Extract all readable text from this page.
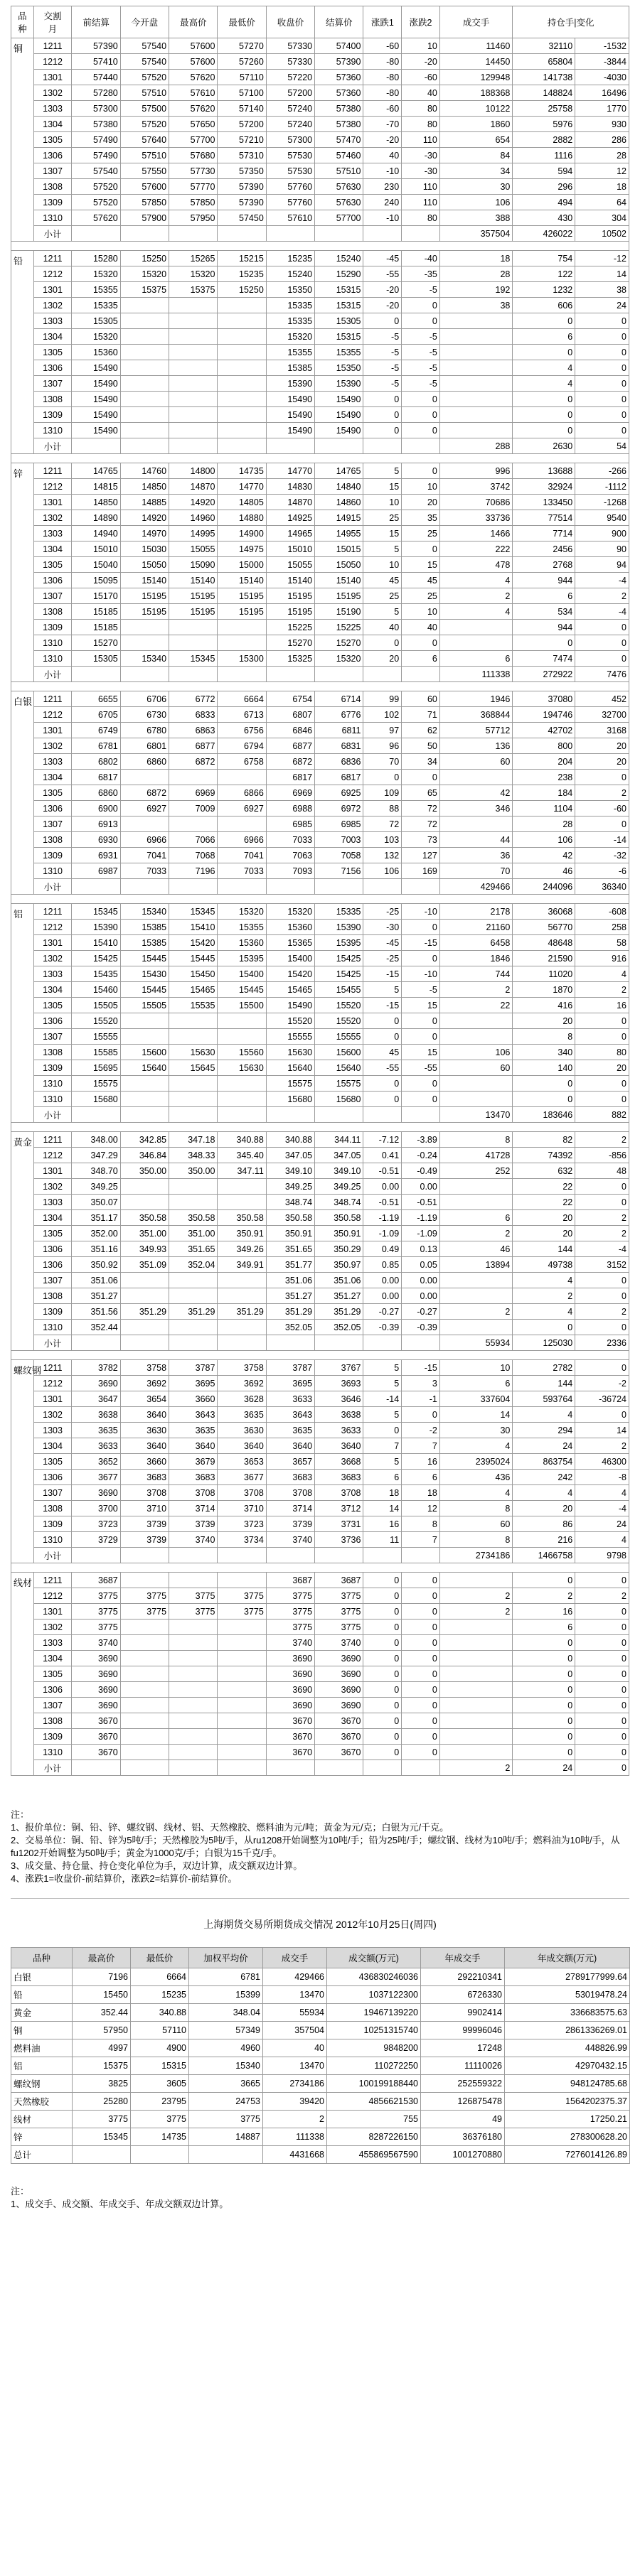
品
种	交割
月	前结算	今开盘	最高价	最低价	收盘价	结算价	涨跌1	涨跌2	成交手	持仓手|变化	
铜	1211	57390	57540	57600	57270	57330	57400	-60	10	11460	32110	-1532
	1212	57410	57540	57600	57260	57330	57390	-80	-20	14450	65804	-3844
	1301	57440	57520	57620	57110	57220	57360	-80	-60	129948	141738	-4030
	1302	57280	57510	57610	57100	57200	57360	-80	40	188368	148824	16496
	1303	57300	57500	57620	57140	57240	57380	-60	80	10122	25758	1770
	1304	57380	57520	57650	57200	57240	57380	-70	80	1860	5976	930
	1305	57490	57640	57700	57210	57300	57470	-20	110	654	2882	286
	1306	57490	57510	57680	57310	57530	57460	40	-30	84	1116	28
	1307	57540	57550	57730	57350	57530	57510	-10	-30	34	594	12
	1308	57520	57600	57770	57390	57760	57630	230	110	30	296	18
	1309	57520	57850	57850	57390	57760	57630	240	110	106	494	64
	1310	57620	57900	57950	57450	57610	57700	-10	80	388	430	304
	小计									357504	426022	10502

铅	1211	15280	15250	15265	15215	15235	15240	-45	-40	18	754	-12
	1212	15320	15320	15320	15235	15240	15290	-55	-35	28	122	14
	1301	15355	15375	15375	15250	15350	15315	-20	-5	192	1232	38
	1302	15335				15335	15315	-20	0	38	606	24
	1303	15305				15335	15305	0	0		0	0
	1304	15320				15320	15315	-5	-5		6	0
	1305	15360				15355	15355	-5	-5		0	0
	1306	15490				15385	15350	-5	-5		4	0
	1307	15490				15390	15390	-5	-5		4	0
	1308	15490				15490	15490	0	0		0	0
	1309	15490				15490	15490	0	0		0	0
	1310	15490				15490	15490	0	0		0	0
	小计									288	2630	54

锌	1211	14765	14760	14800	14735	14770	14765	5	0	996	13688	-266
	1212	14815	14850	14870	14770	14830	14840	15	10	3742	32924	-1112
	1301	14850	14885	14920	14805	14870	14860	10	20	70686	133450	-1268
	1302	14890	14920	14960	14880	14925	14915	25	35	33736	77514	9540
	1303	14940	14970	14995	14900	14965	14955	15	25	1466	7714	900
	1304	15010	15030	15055	14975	15010	15015	5	0	222	2456	90
	1305	15040	15050	15090	15000	15055	15050	10	15	478	2768	94
	1306	15095	15140	15140	15140	15140	15140	45	45	4	944	-4
	1307	15170	15195	15195	15195	15195	15195	25	25	2	6	2
	1308	15185	15195	15195	15195	15195	15190	5	10	4	534	-4
	1309	15185				15225	15225	40	40		944	0
	1310	15270				15270	15270	0	0		0	0
	1310	15305	15340	15345	15300	15325	15320	20	6	6	7474	0
	小计									111338	272922	7476

白银	1211	6655	6706	6772	6664	6754	6714	99	60	1946	37080	452
	1212	6705	6730	6833	6713	6807	6776	102	71	368844	194746	32700
	1301	6749	6780	6863	6756	6846	6811	97	62	57712	42702	3168
	1302	6781	6801	6877	6794	6877	6831	96	50	136	800	20
	1303	6802	6860	6872	6758	6872	6836	70	34	60	204	20
	1304	6817				6817	6817	0	0		238	0
	1305	6860	6872	6969	6866	6969	6925	109	65	42	184	2
	1306	6900	6927	7009	6927	6988	6972	88	72	346	1104	-60
	1307	6913				6985	6985	72	72		28	0
	1308	6930	6966	7066	6966	7033	7003	103	73	44	106	-14
	1309	6931	7041	7068	7041	7063	7058	132	127	36	42	-32
	1310	6987	7033	7196	7033	7093	7156	106	169	70	46	-6
	小计									429466	244096	36340

铝	1211	15345	15340	15345	15320	15320	15335	-25	-10	2178	36068	-608
	1212	15390	15385	15410	15355	15360	15390	-30	0	21160	56770	258
	1301	15410	15385	15420	15360	15365	15395	-45	-15	6458	48648	58
	1302	15425	15445	15445	15395	15400	15425	-25	0	1846	21590	916
	1303	15435	15430	15450	15400	15420	15425	-15	-10	744	11020	4
	1304	15460	15445	15465	15445	15465	15455	5	-5	2	1870	2
	1305	15505	15505	15535	15500	15490	15520	-15	15	22	416	16
	1306	15520				15520	15520	0	0		20	0
	1307	15555				15555	15555	0	0		8	0
	1308	15585	15600	15630	15560	15630	15600	45	15	106	340	80
	1309	15695	15640	15645	15630	15640	15640	-55	-55	60	140	20
	1310	15575				15575	15575	0	0		0	0
	1310	15680				15680	15680	0	0		0	0
	小计									13470	183646	882

黄金	1211	348.00	342.85	347.18	340.88	340.88	344.11	-7.12	-3.89	8	82	2
	1212	347.29	346.84	348.33	345.40	347.05	347.05	0.41	-0.24	41728	74392	-856
	1301	348.70	350.00	350.00	347.11	349.10	349.10	-0.51	-0.49	252	632	48
	1302	349.25				349.25	349.25	0.00	0.00		22	0
	1303	350.07				348.74	348.74	-0.51	-0.51		22	0
	1304	351.17	350.58	350.58	350.58	350.58	350.58	-1.19	-1.19	6	20	2
	1305	352.00	351.00	351.00	350.91	350.91	350.91	-1.09	-1.09	2	20	2
	1306	351.16	349.93	351.65	349.26	351.65	350.29	0.49	0.13	46	144	-4
	1306	350.92	351.09	352.04	349.91	351.77	350.97	0.85	0.05	13894	49738	3152
	1307	351.06				351.06	351.06	0.00	0.00		4	0
	1308	351.27				351.27	351.27	0.00	0.00		2	0
	1309	351.56	351.29	351.29	351.29	351.29	351.29	-0.27	-0.27	2	4	2
	1310	352.44				352.05	352.05	-0.39	-0.39		0	0
	小计									55934	125030	2336

螺纹钢	1211	3782	3758	3787	3758	3787	3767	5	-15	10	2782	0
	1212	3690	3692	3695	3692	3695	3693	5	3	6	144	-2
	1301	3647	3654	3660	3628	3633	3646	-14	-1	337604	593764	-36724
	1302	3638	3640	3643	3635	3643	3638	5	0	14	4	0
	1303	3635	3630	3635	3630	3635	3633	0	-2	30	294	14
	1304	3633	3640	3640	3640	3640	3640	7	7	4	24	2
	1305	3652	3660	3679	3653	3657	3668	5	16	2395024	863754	46300
	1306	3677	3683	3683	3677	3683	3683	6	6	436	242	-8
	1307	3690	3708	3708	3708	3708	3708	18	18	4	4	4
	1308	3700	3710	3714	3710	3714	3712	14	12	8	20	-4
	1309	3723	3739	3739	3723	3739	3731	16	8	60	86	24
	1310	3729	3739	3740	3734	3740	3736	11	7	8	216	4
	小计									2734186	1466758	9798

线材	1211	3687				3687	3687	0	0		0	0
	1212	3775	3775	3775	3775	3775	3775	0	0	2	2	2
	1301	3775	3775	3775	3775	3775	3775	0	0	2	16	0
	1302	3775				3775	3775	0	0		6	0
	1303	3740				3740	3740	0	0		0	0
	1304	3690				3690	3690	0	0		0	0
	1305	3690				3690	3690	0	0		0	0
	1306	3690				3690	3690	0	0		0	0
	1307	3690				3690	3690	0	0		0	0
	1308	3670				3670	3670	0	0		0	0
	1309	3670				3670	3670	0	0		0	0
	1310	3670				3670	3670	0	0		0	0
	小计									2	24	0

注：

1、报价单位：铜、铅、锌、螺纹钢、线材、铝、天然橡胶、燃料油为元/吨；黄金为元/克；白银为元/千克。

2、交易单位：铜、铅、锌为5吨/手；天然橡胶为5吨/手，从ru1208开始调整为10吨/手；铅为25吨/手；螺纹钢、线材为10吨/手；燃料油为10吨/手，从fu1202开始调整为50吨/手；黄金为1000克/手；白银为15千克/手。

3、成交量、持仓量、持仓变化单位为手，双边计算，成交额双边计算。

4、涨跌1=收盘价-前结算价，涨跌2=结算价-前结算价。

上海期货交易所期货成交情况 2012年10月25日(周四)
品种	最高价	最低价	加权平均价	成交手	成交额(万元)	年成交手	年成交额(万元)
白银	7196	6664	6781	429466	436830246036	292210341	2789177999.64
铅	15450	15235	15399	13470	1037122300	6726330	53019478.24
黄金	352.44	340.88	348.04	55934	19467139220	9902414	336683575.63
铜	57950	57110	57349	357504	10251315740	99996046	2861336269.01
燃料油	4997	4900	4960	40	9848200	17248	448826.99
铝	15375	15315	15340	13470	110272250	11110026	42970432.15
螺纹钢	3825	3605	3665	2734186	100199188440	252559322	948124785.68
天然橡胶	25280	23795	24753	39420	4856621530	126875478	1564202375.37
线材	3775	3775	3775	2	755	49	17250.21
锌	15345	14735	14887	111338	8287226150	36376180	278300628.20
总计				4431668	455869567590	1001270880	7276014126.89

注：

1、成交手、成交额、年成交手、年成交额双边计算。
